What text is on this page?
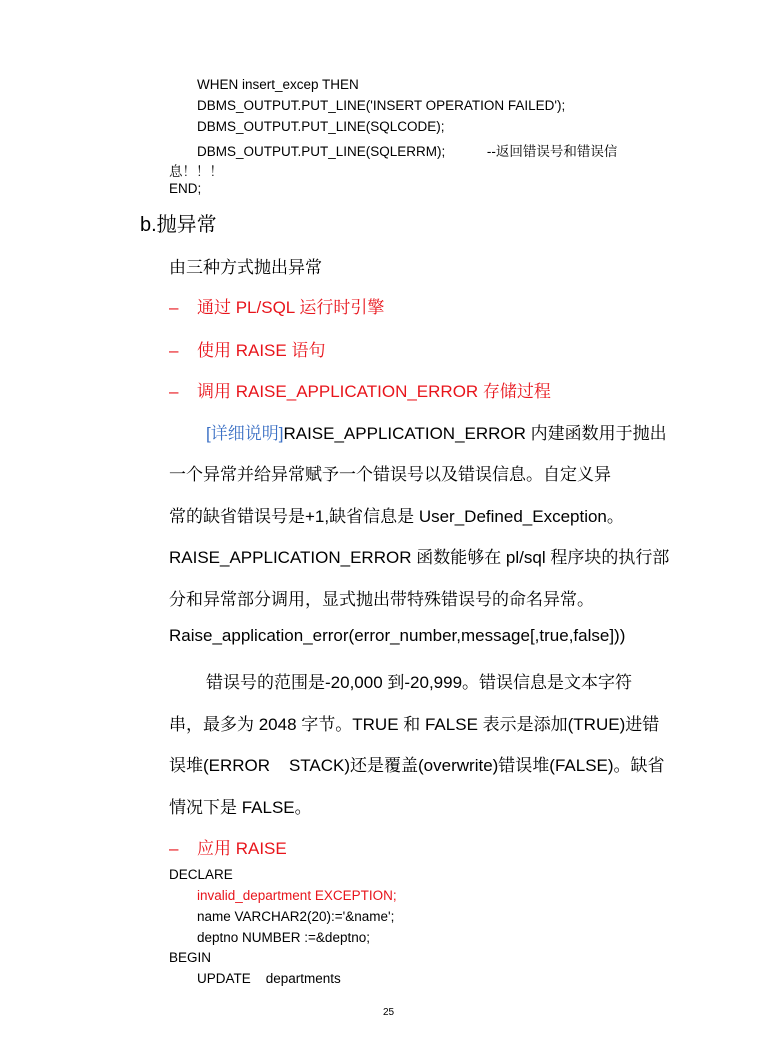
WHEN insert_excep THEN
DBMS_OUTPUT.PUT_LINE('INSERT OPERATION FAILED');
DBMS_OUTPUT.PUT_LINE(SQLCODE);
DBMS_OUTPUT.PUT_LINE(SQLERRM);	--返回错误号和错误信
息！！！
END;
b.抛异常
由三种方式抛出异常
– 通过 PL/SQL 运行时引擎
– 使用 RAISE 语句
– 调用 RAISE_APPLICATION_ERROR 存储过程
[详细说明]RAISE_APPLICATION_ERROR 内建函数用于抛出
一个异常并给异常赋予一个错误号以及错误信息。自定义异
常的缺省错误号是+1,缺省信息是 User_Defined_Exception。
RAISE_APPLICATION_ERROR 函数能够在 pl/sql 程序块的执行部
分和异常部分调用，显式抛出带特殊错误号的命名异常。
Raise_application_error(error_number,message[,true,false]))
错误号的范围是-20,000 到-20,999。错误信息是文本字符
串，最多为 2048 字节。TRUE 和 FALSE 表示是添加(TRUE)进错
误堆(ERROR    STACK)还是覆盖(overwrite)错误堆(FALSE)。缺省
情况下是 FALSE。
– 应用 RAISE
DECLARE
invalid_department EXCEPTION;
name VARCHAR2(20):='&name';
deptno NUMBER :=&deptno;
BEGIN
UPDATE    departments
25
